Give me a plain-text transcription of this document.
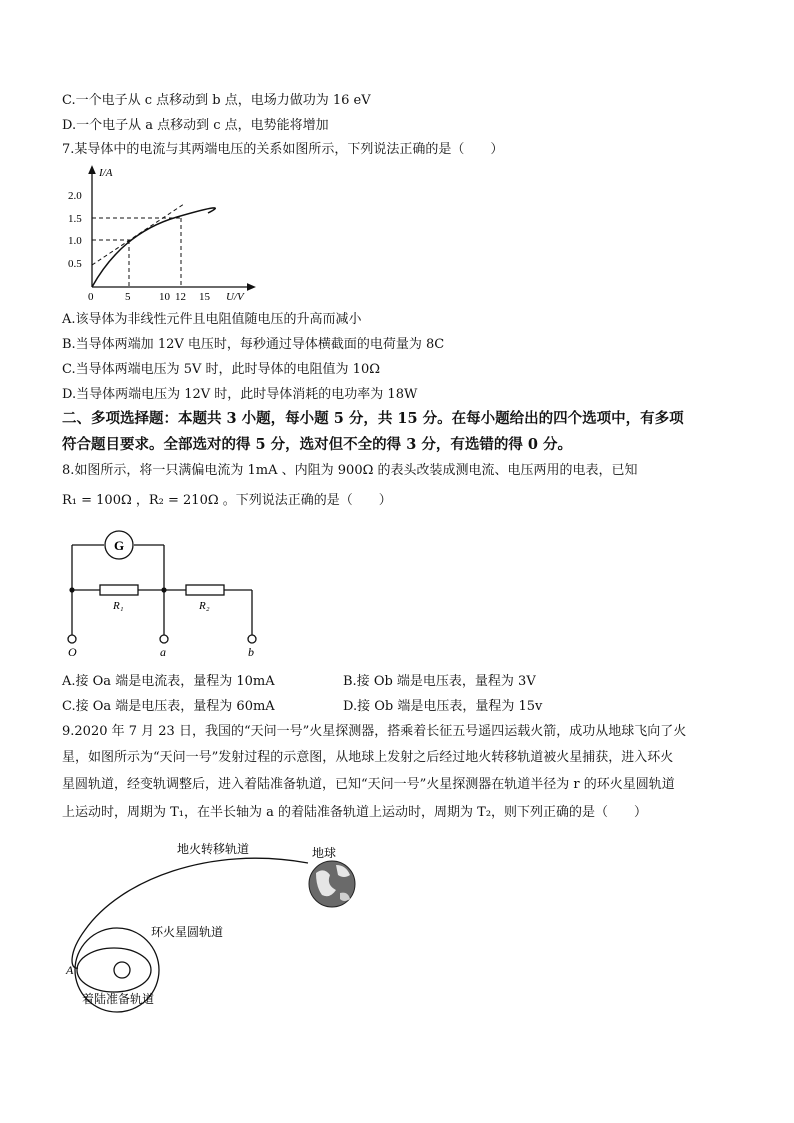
C.一个电子从 c 点移动到 b 点，电场力做功为 16 eV
D.一个电子从 a 点移动到 c 点，电势能将增加
7.某导体中的电流与其两端电压的关系如图所示，下列说法正确的是（　　）
I/A
U/V
2.0
1.5
1.0
0.5
0	5	10 12 15
A.该导体为非线性元件且电阻值随电压的升高而减小
B.当导体两端加 12V 电压时，每秒通过导体横截面的电荷量为 8C
C.当导体两端电压为 5V 时，此时导体的电阻值为 10Ω
D.当导体两端电压为 12V 时，此时导体消耗的电功率为 18W
二、多项选择题：本题共 3 小题，每小题 5 分，共 15 分。在每小题给出的四个选项中，有多项
符合题目要求。全部选对的得 5 分，选对但不全的得 3 分，有选错的得 0 分。
8.如图所示，将一只满偏电流为 1mA 、内阻为 900Ω 的表头改装成测电流、电压两用的电表，已知
R₁ = 100Ω ，R₂ = 210Ω 。下列说法正确的是（　　）
G
R₁	R₂
O	a	b
A.接 Oa 端是电流表，量程为 10mA	B.接 Ob 端是电压表，量程为 3V
C.接 Oa 端是电压表，量程为 60mA	D.接 Ob 端是电压表，量程为 15v
9.2020 年 7 月 23 日，我国的“天问一号”火星探测器，搭乘着长征五号遥四运载火箭，成功从地球飞向了火
星，如图所示为“天问一号”发射过程的示意图，从地球上发射之后经过地火转移轨道被火星捕获，进入环火
星圆轨道，经变轨调整后，进入着陆准备轨道，已知“天问一号”火星探测器在轨道半径为 r 的环火星圆轨道
上运动时，周期为 T₁，在半长轴为 a 的着陆准备轨道上运动时，周期为 T₂，则下列正确的是（　　）
地火转移轨道	地球
环火星圆轨道
A
着陆准备轨道
